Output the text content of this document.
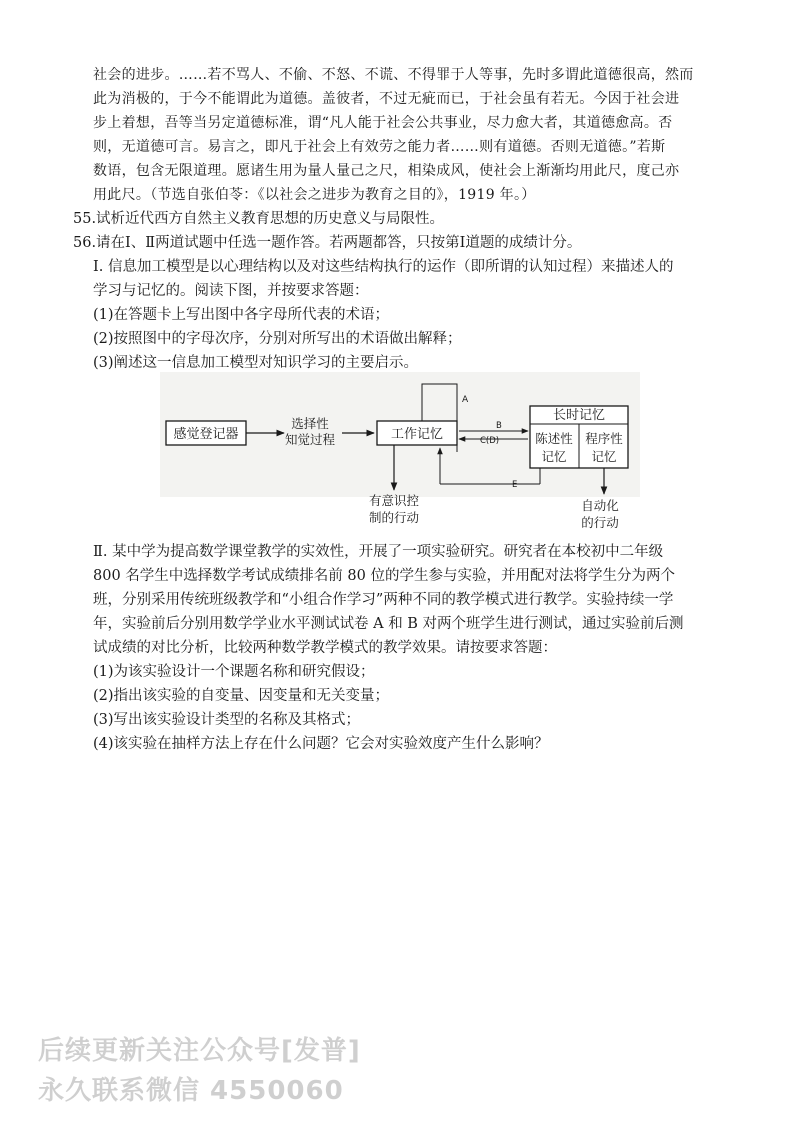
社会的进步。……若不骂人、不偷、不怒、不谎、不得罪于人等事，先时多谓此道德很高，然而
此为消极的，于今不能谓此为道德。盖彼者，不过无疵而已，于社会虽有若无。今因于社会进
步上着想，吾等当另定道德标准，谓“凡人能于社会公共事业，尽力愈大者，其道德愈高。否
则，无道德可言。易言之，即凡于社会上有效劳之能力者……则有道德。否则无道德。”若斯
数语，包含无限道理。愿诸生用为量人量己之尺，相染成风，使社会上渐渐均用此尺，度己亦
用此尺。（节选自张伯苓：《以社会之进步为教育之目的》，1919 年。）
55.试析近代西方自然主义教育思想的历史意义与局限性。
56.请在Ⅰ、Ⅱ两道试题中任选一题作答。若两题都答，只按第Ⅰ道题的成绩计分。
Ⅰ. 信息加工模型是以心理结构以及对这些结构执行的运作（即所谓的认知过程）来描述人的
学习与记忆的。阅读下图，并按要求答题：
(1)在答题卡上写出图中各字母所代表的术语；
(2)按照图中的字母次序，分别对所写出的术语做出解释；
(3)阐述这一信息加工模型对知识学习的主要启示。
感觉登记器
选择性
知觉过程	工作记忆
A
长时记忆
陈述性
记忆
程序性
记忆
B
C(D)
E
有意识控
制的行动
自动化
的行动
Ⅱ. 某中学为提高数学课堂教学的实效性，开展了一项实验研究。研究者在本校初中二年级
800 名学生中选择数学考试成绩排名前 80 位的学生参与实验，并用配对法将学生分为两个
班，分别采用传统班级教学和“小组合作学习”两种不同的教学模式进行教学。实验持续一学
年，实验前后分别用数学学业水平测试试卷 A 和 B 对两个班学生进行测试，通过实验前后测
试成绩的对比分析，比较两种数学教学模式的教学效果。请按要求答题：
(1)为该实验设计一个课题名称和研究假设；
(2)指出该实验的自变量、因变量和无关变量；
(3)写出该实验设计类型的名称及其格式；
(4)该实验在抽样方法上存在什么问题？它会对实验效度产生什么影响？
后续更新关注公众号[发普]
永久联系微信 4550060
